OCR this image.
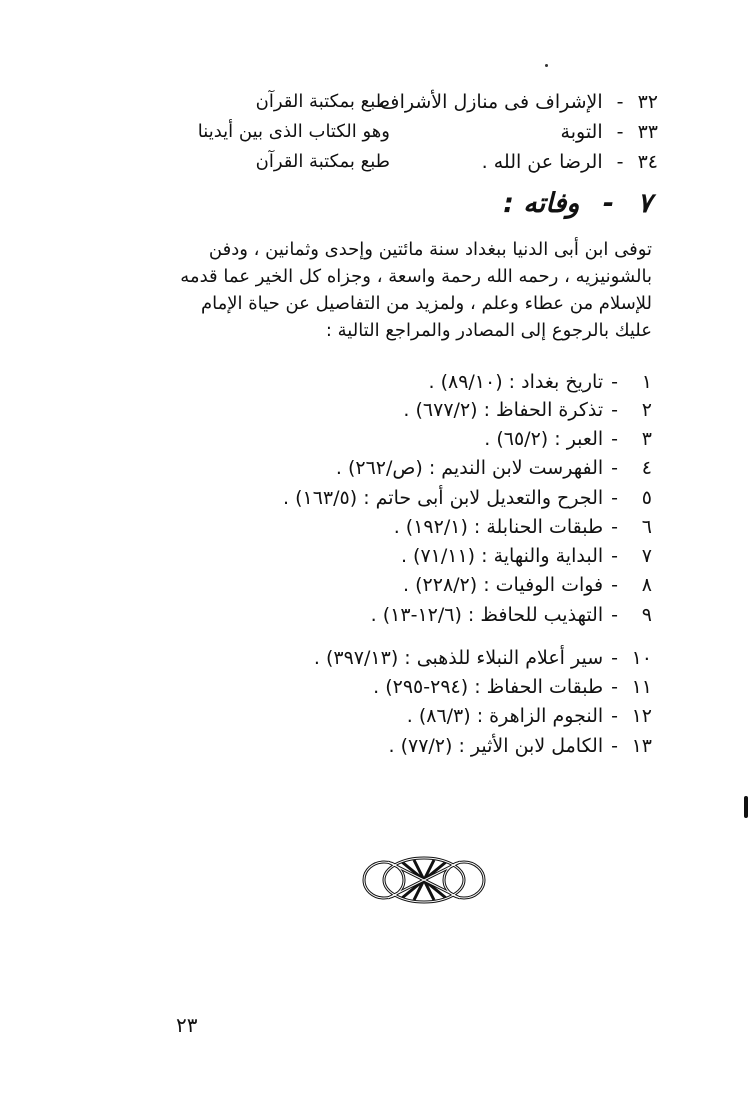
٣٢ - الإشراف فى منازل الأشراف
طبع بمكتبة القرآن
٣٣ - التوبة
وهو الكتاب الذى بين أيدينا
٣٤ - الرضا عن الله .
طبع بمكتبة القرآن
٧ - وفاته :
توفى ابن أبى الدنيا ببغداد سنة مائتين وإحدى وثمانين ، ودفن
بالشونيزيه ، رحمه الله رحمة واسعة ، وجزاه كل الخير عما قدمه
للإسلام من عطاء وعلم ، ولمزيد من التفاصيل عن حياة الإمام
عليك بالرجوع إلى المصادر والمراجع التالية :
١-تاريخ بغداد : (٨٩/١٠) .
٢-تذكرة الحفاظ : (٦٧٧/٢) .
٣-العبر : (٦٥/٢) .
٤-الفهرست لابن النديم : (ص/٢٦٢) .
٥-الجرح والتعديل لابن أبى حاتم : (١٦٣/٥) .
٦-طبقات الحنابلة : (١٩٢/١) .
٧-البداية والنهاية : (٧١/١١) .
٨-فوات الوفيات : (٢٢٨/٢) .
٩-التهذيب للحافظ : (١٢/٦-١٣) .
١٠-سير أعلام النبلاء للذهبى : (٣٩٧/١٣) .
١١-طبقات الحفاظ : (٢٩٤-٢٩٥) .
١٢-النجوم الزاهرة : (٨٦/٣) .
١٣-الكامل لابن الأثير : (٧٧/٢) .
٢٣
